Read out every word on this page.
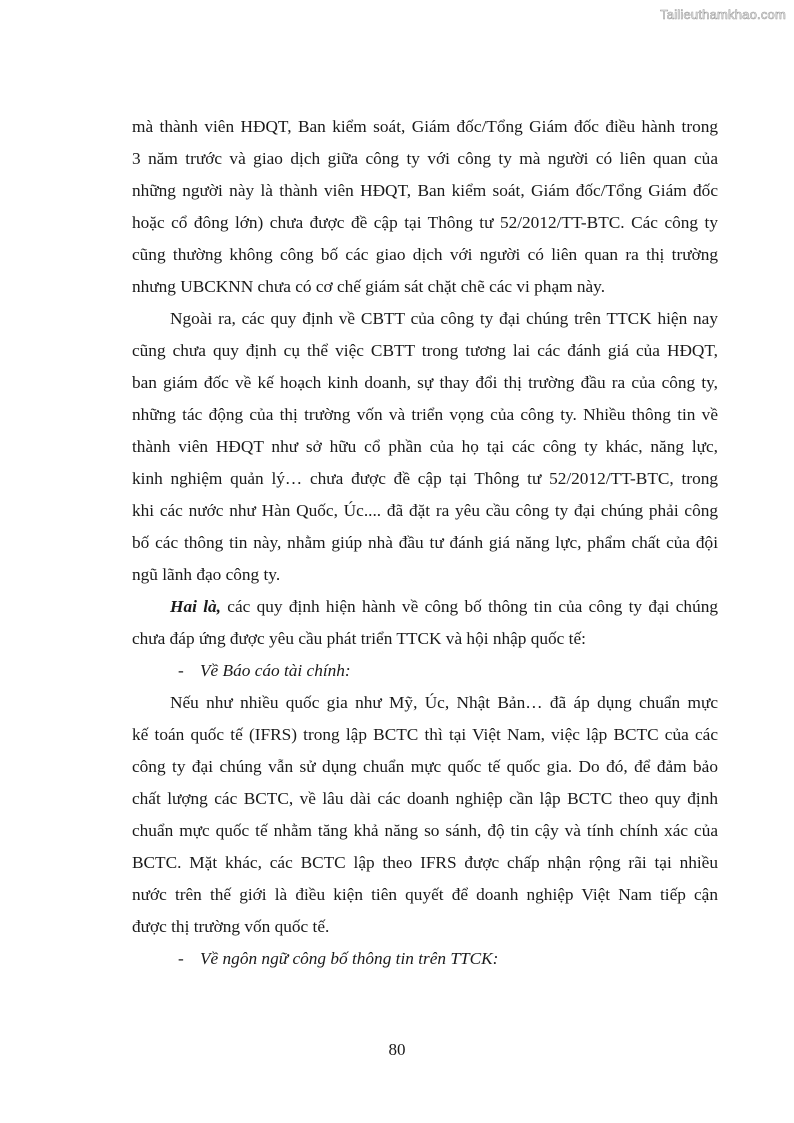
Tailieuthamkhao.com
mà thành viên HĐQT, Ban kiểm soát, Giám đốc/Tổng Giám đốc điều hành trong
3 năm trước và giao dịch giữa công ty với công ty mà người có liên quan của
những người này là thành viên HĐQT, Ban kiểm soát, Giám đốc/Tổng Giám đốc
hoặc cổ đông lớn) chưa được đề cập tại Thông tư 52/2012/TT-BTC. Các công ty
cũng thường không công bố các giao dịch với người có liên quan ra thị trường
nhưng UBCKNN chưa có cơ chế giám sát chặt chẽ các vi phạm này.
Ngoài ra, các quy định về CBTT của công ty đại chúng trên TTCK hiện nay
cũng chưa quy định cụ thể việc CBTT trong tương lai các đánh giá của HĐQT,
ban giám đốc về kế hoạch kinh doanh, sự thay đổi thị trường đầu ra của công ty,
những tác động của thị trường vốn và triển vọng của công ty. Nhiều thông tin về
thành viên HĐQT như sở hữu cổ phần của họ tại các công ty khác, năng lực,
kinh nghiệm quản lý… chưa được đề cập tại Thông tư 52/2012/TT-BTC, trong
khi các nước như Hàn Quốc, Úc.... đã đặt ra yêu cầu công ty đại chúng phải công
bố các thông tin này, nhằm giúp nhà đầu tư đánh giá năng lực, phẩm chất của đội
ngũ lãnh đạo công ty.
Hai là, các quy định hiện hành về công bố thông tin của công ty đại chúng
chưa đáp ứng được yêu cầu phát triển TTCK và hội nhập quốc tế:
- Về Báo cáo tài chính:
Nếu như nhiều quốc gia như Mỹ, Úc, Nhật Bản… đã áp dụng chuẩn mực
kế toán quốc tế (IFRS) trong lập BCTC thì tại Việt Nam, việc lập BCTC của các
công ty đại chúng vẫn sử dụng chuẩn mực quốc tế quốc gia. Do đó, để đảm bảo
chất lượng các BCTC, về lâu dài các doanh nghiệp cần lập BCTC theo quy định
chuẩn mực quốc tế nhằm tăng khả năng so sánh, độ tin cậy và tính chính xác của
BCTC. Mặt khác, các BCTC lập theo IFRS được chấp nhận rộng rãi tại nhiều
nước trên thế giới là điều kiện tiên quyết để doanh nghiệp Việt Nam tiếp cận
được thị trường vốn quốc tế.
- Về ngôn ngữ công bố thông tin trên TTCK:
80
